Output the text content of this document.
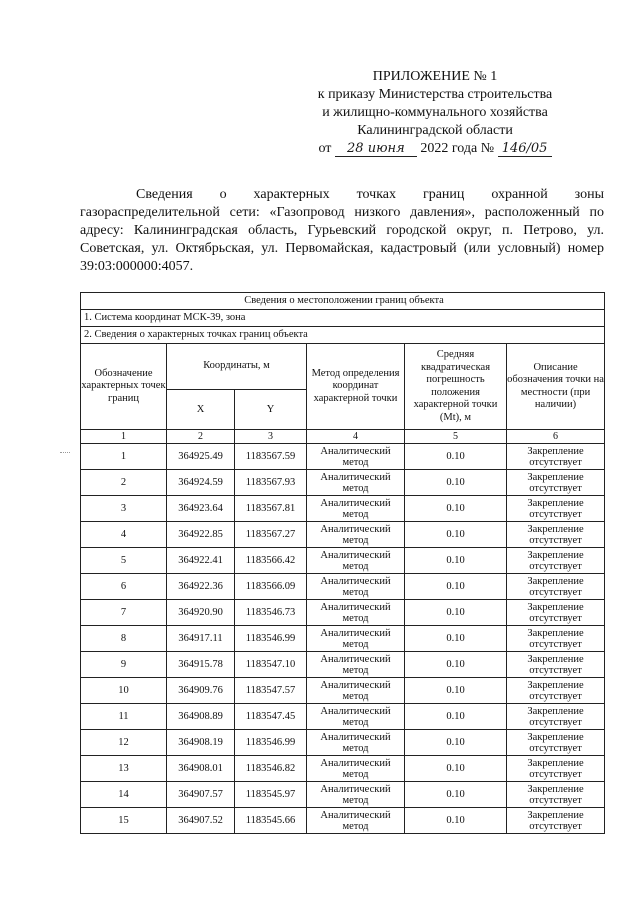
ПРИЛОЖЕНИЕ № 1
к приказу Министерства строительства
и жилищно-коммунального хозяйства
Калининградской области
от 28 июня 2022 года № 146/05

Сведения о характерных точках границ охранной зоны газораспределительной сети: «Газопровод низкого давления», расположенный по адресу: Калининградская область, Гурьевский городской округ, п. Петрово, ул. Советская, ул. Октябрьская, ул. Первомайская, кадастровый (или условный) номер 39:03:000000:4057.

Сведения о местоположении границ объекта					
1. Система координат МСК-39, зона					
2. Сведения о характерных точках границ объекта					
Обозначение характерных точек границ	Координаты, м		Метод определения координат характерной точки	Средняя квадратическая погрешность положения характерной точки (Mt), м	Описание обозначения точки на местности (при наличии)
	X	Y			
1	2	3	4	5	6
1	364925.49	1183567.59	Аналитический метод	0.10	Закрепление отсутствует
2	364924.59	1183567.93	Аналитический метод	0.10	Закрепление отсутствует
3	364923.64	1183567.81	Аналитический метод	0.10	Закрепление отсутствует
4	364922.85	1183567.27	Аналитический метод	0.10	Закрепление отсутствует
5	364922.41	1183566.42	Аналитический метод	0.10	Закрепление отсутствует
6	364922.36	1183566.09	Аналитический метод	0.10	Закрепление отсутствует
7	364920.90	1183546.73	Аналитический метод	0.10	Закрепление отсутствует
8	364917.11	1183546.99	Аналитический метод	0.10	Закрепление отсутствует
9	364915.78	1183547.10	Аналитический метод	0.10	Закрепление отсутствует
10	364909.76	1183547.57	Аналитический метод	0.10	Закрепление отсутствует
11	364908.89	1183547.45	Аналитический метод	0.10	Закрепление отсутствует
12	364908.19	1183546.99	Аналитический метод	0.10	Закрепление отсутствует
13	364908.01	1183546.82	Аналитический метод	0.10	Закрепление отсутствует
14	364907.57	1183545.97	Аналитический метод	0.10	Закрепление отсутствует
15	364907.52	1183545.66	Аналитический метод	0.10	Закрепление отсутствует
